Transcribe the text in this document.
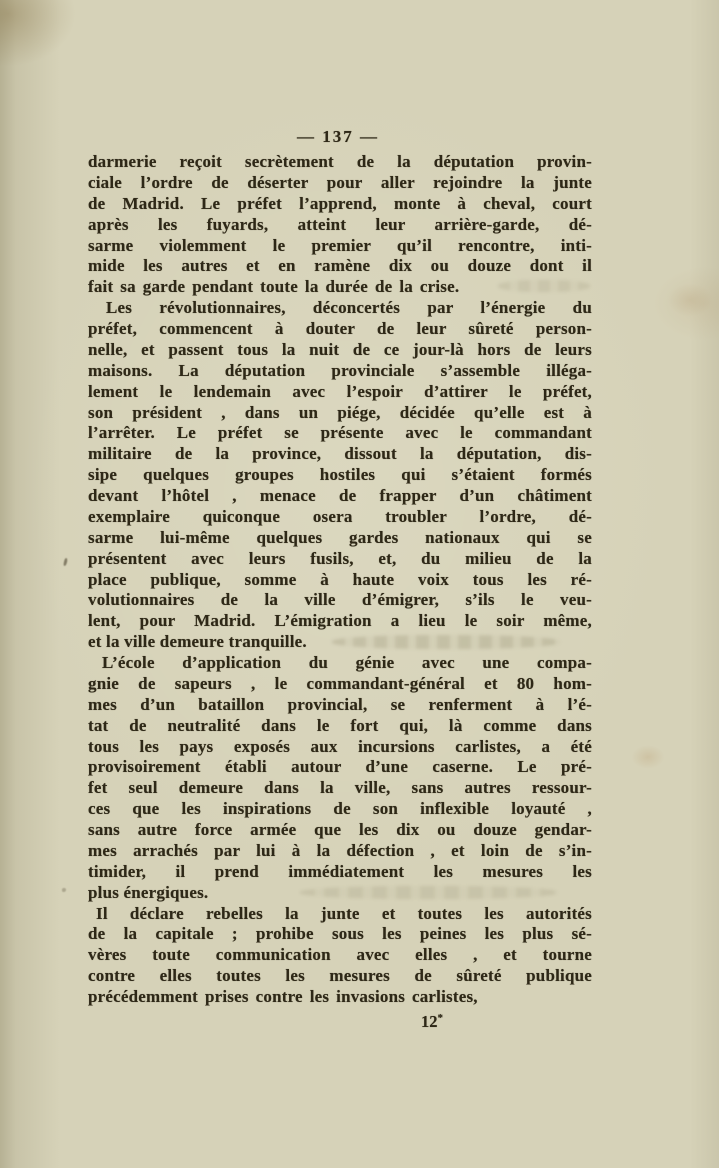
— 137 —
darmerie reçoit secrètement de la députation provin-
ciale l’ordre de déserter pour aller rejoindre la junte
de Madrid. Le préfet l’apprend, monte à cheval, court
après les fuyards, atteint leur arrière-garde, dé-
sarme violemment le premier qu’il rencontre, inti-
mide les autres et en ramène dix ou douze dont il
fait sa garde pendant toute la durée de la crise.
Les révolutionnaires, déconcertés par l’énergie du
préfet, commencent à douter de leur sûreté person-
nelle, et passent tous la nuit de ce jour-là hors de leurs
maisons. La députation provinciale s’assemble illéga-
lement le lendemain avec l’espoir d’attirer le préfet,
son président , dans un piége, décidée qu’elle est à
l’arrêter. Le préfet se présente avec le commandant
militaire de la province, dissout la députation, dis-
sipe quelques groupes hostiles qui s’étaient formés
devant l’hôtel , menace de frapper d’un châtiment
exemplaire quiconque osera troubler l’ordre, dé-
sarme lui-même quelques gardes nationaux qui se
présentent avec leurs fusils, et, du milieu de la
place publique, somme à haute voix tous les ré-
volutionnaires de la ville d’émigrer, s’ils le veu-
lent, pour Madrid. L’émigration a lieu le soir même,
et la ville demeure tranquille.
L’école d’application du génie avec une compa-
gnie de sapeurs , le commandant-général et 80 hom-
mes d’un bataillon provincial, se renferment à l’é-
tat de neutralité dans le fort qui, là comme dans
tous les pays exposés aux incursions carlistes, a été
provisoirement établi autour d’une caserne. Le pré-
fet seul demeure dans la ville, sans autres ressour-
ces que les inspirations de son inflexible loyauté ,
sans autre force armée que les dix ou douze gendar-
mes arrachés par lui à la défection , et loin de s’in-
timider, il prend immédiatement les mesures les
plus énergiques.
Il déclare rebelles la junte et toutes les autorités
de la capitale ; prohibe sous les peines les plus sé-
vères toute communication avec elles , et tourne
contre elles toutes les mesures de sûreté publique
précédemment prises contre les invasions carlistes,
12*
